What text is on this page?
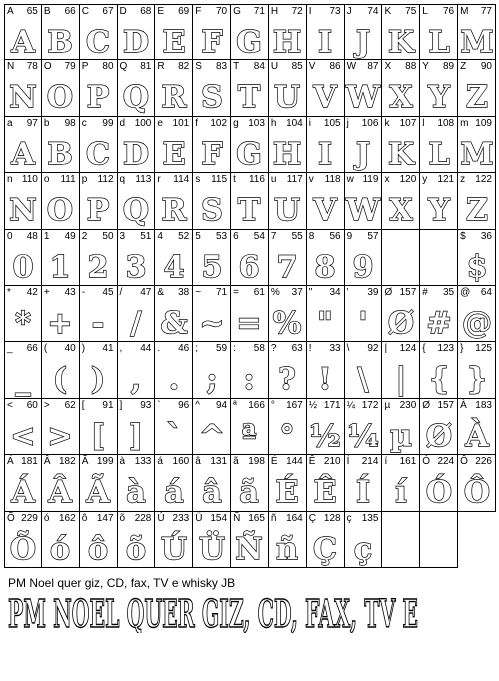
A 65
A
B 66
B
C 67
C
D 68
D
E 69
E
F 70
F
G 71
G
H 72
H
I 73
I
J 74
J
K 75
K
L 76
L
M 77
M
N 78
N
O 79
O
P 80
P
Q 81
Q
R 82
R
S 83
S
T 84
T
U 85
U
V 86
V
W 87
W
X 88
X
Y 89
Y
Z 90
Z
a 97
A
b 98
B
c 99
C
d 100
D
e 101
E
f 102
F
g 103
G
h 104
H
i 105
I
j 106
J
k 107
K
l 108
L
m 109
M
n 110
N
o 111
O
p 112
P
q 113
Q
r 114
R
s 115
S
t 116
T
u 117
U
v 118
V
w 119
W
x 120
X
y 121
Y
z 122
Z
0 48
0
1 49
1
2 50
2
3 51
3
4 52
4
5 53
5
6 54
6
7 55
7
8 56
8
9 57
9
$ 36
$
* 42
*
+ 43
+
- 45
-
/ 47
/
& 38
&
~ 71
~
= 61
=
% 37
%
" 34
"
' 39
'
Ø 157
Ø
# 35
#
@ 64
@
_ 66
_
( 40
(
) 41
)
, 44
,
. 46
.
; 59
;
: 58
:
? 63
?
! 33
!
\ 92
\
| 124
|
{ 123
{
} 125
}
< 60
<
> 62
>
[ 91
[
] 93
]
` 96
`
^ 94
^
ª 166
ª
° 167
°
½ 171
½
¼ 172
¼
µ 230
µ
Ø 157
Ø
À 183
À
Á 181
Á
Â 182
Â
Ã 199
Ã
à 133
à
á 160
á
â 131
â
ã 198
ã
É 144
É
Ê 210
Ê
Í 214
Í
í 161
í
Ó 224
Ó
Ô 226
Ô
Õ 229
Õ
ó 162
ó
ô 147
ô
õ 228
õ
Ú 233
Ú
Ü 154
Ü
Ñ 165
Ñ
ñ 164
ñ
Ç 128
Ç
ç 135
ç
PM Noel quer giz, CD, fax, TV e whisky JB
PM NOEL QUER GIZ, CD, FAX, TV E
